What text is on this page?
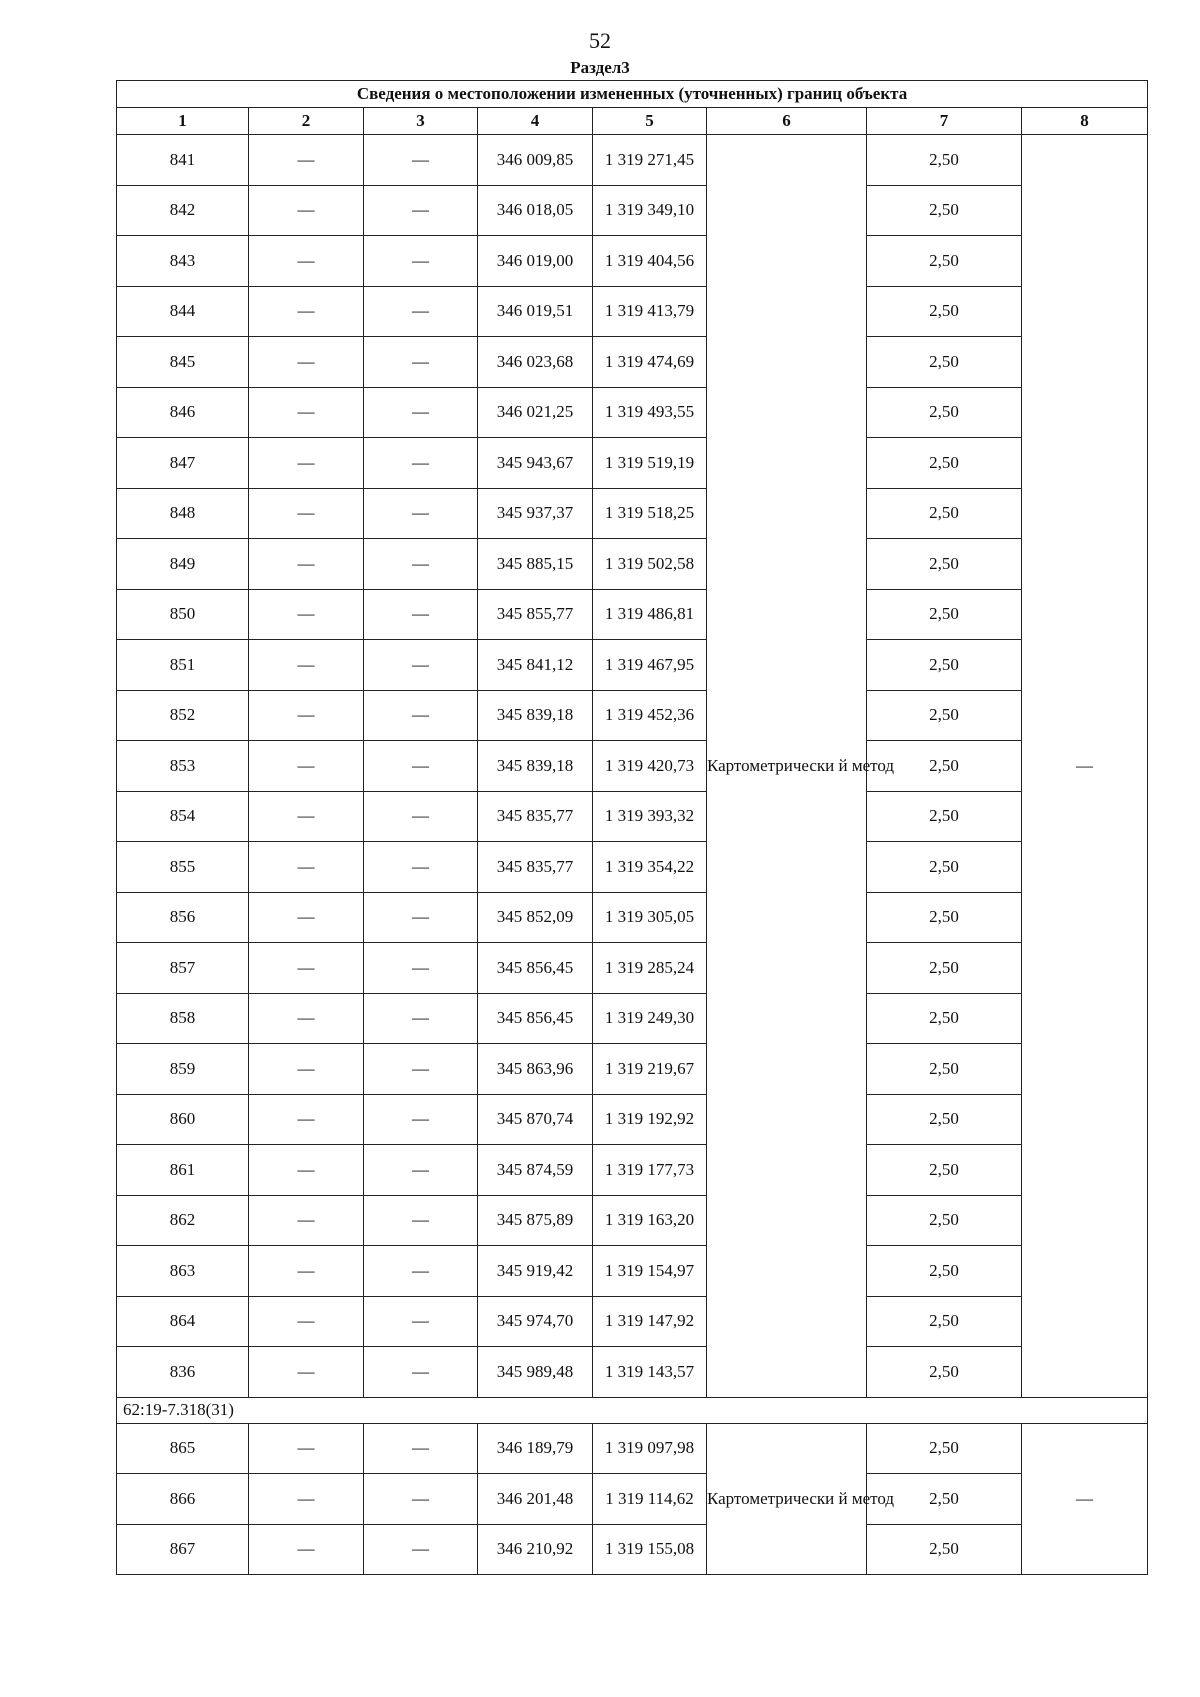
52
Раздел3
Сведения о местоположении измененных (уточненных) границ объекта							
1	2	3	4	5	6	7	8
841	—	—	346 009,85	1 319 271,45	Картометрически й метод	2,50	—
842	—	—	346 018,05	1 319 349,10		2,50	
843	—	—	346 019,00	1 319 404,56		2,50	
844	—	—	346 019,51	1 319 413,79		2,50	
845	—	—	346 023,68	1 319 474,69		2,50	
846	—	—	346 021,25	1 319 493,55		2,50	
847	—	—	345 943,67	1 319 519,19		2,50	
848	—	—	345 937,37	1 319 518,25		2,50	
849	—	—	345 885,15	1 319 502,58		2,50	
850	—	—	345 855,77	1 319 486,81		2,50	
851	—	—	345 841,12	1 319 467,95		2,50	
852	—	—	345 839,18	1 319 452,36		2,50	
853	—	—	345 839,18	1 319 420,73		2,50	
854	—	—	345 835,77	1 319 393,32		2,50	
855	—	—	345 835,77	1 319 354,22		2,50	
856	—	—	345 852,09	1 319 305,05		2,50	
857	—	—	345 856,45	1 319 285,24		2,50	
858	—	—	345 856,45	1 319 249,30		2,50	
859	—	—	345 863,96	1 319 219,67		2,50	
860	—	—	345 870,74	1 319 192,92		2,50	
861	—	—	345 874,59	1 319 177,73		2,50	
862	—	—	345 875,89	1 319 163,20		2,50	
863	—	—	345 919,42	1 319 154,97		2,50	
864	—	—	345 974,70	1 319 147,92		2,50	
836	—	—	345 989,48	1 319 143,57		2,50	
62:19-7.318(31)							
865	—	—	346 189,79	1 319 097,98	Картометрически й метод	2,50	—
866	—	—	346 201,48	1 319 114,62		2,50	
867	—	—	346 210,92	1 319 155,08		2,50	
